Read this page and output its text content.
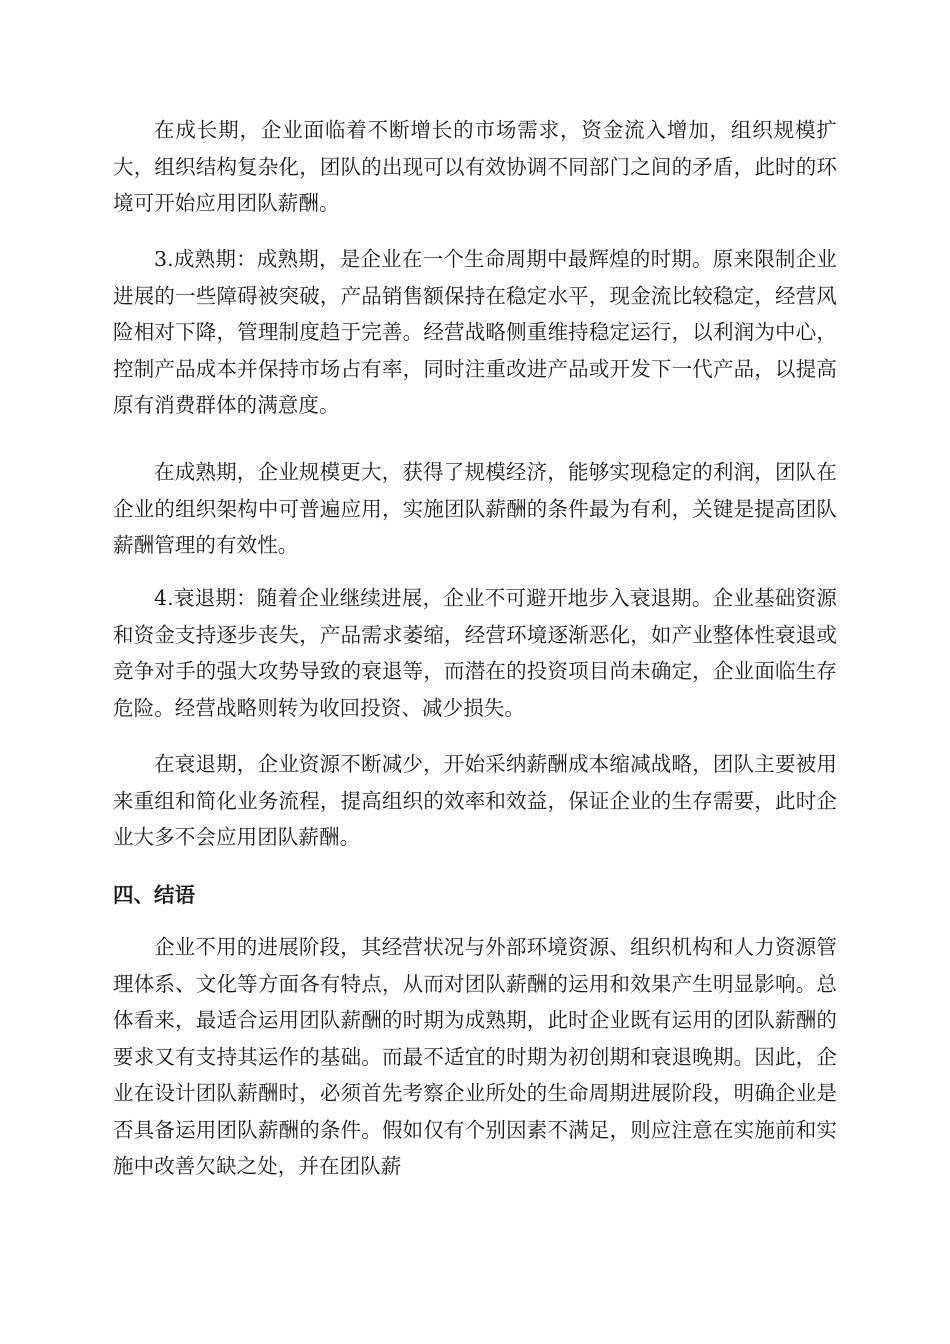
在成长期，企业面临着不断增长的市场需求，资金流入增加，组织规模扩大，组织结构复杂化，团队的出现可以有效协调不同部门之间的矛盾，此时的环境可开始应用团队薪酬。

3.成熟期：成熟期，是企业在一个生命周期中最辉煌的时期。原来限制企业进展的一些障碍被突破，产品销售额保持在稳定水平，现金流比较稳定，经营风险相对下降，管理制度趋于完善。经营战略侧重维持稳定运行，以利润为中心，控制产品成本并保持市场占有率，同时注重改进产品或开发下一代产品，以提高原有消费群体的满意度。

在成熟期，企业规模更大，获得了规模经济，能够实现稳定的利润，团队在企业的组织架构中可普遍应用，实施团队薪酬的条件最为有利，关键是提高团队薪酬管理的有效性。

4.衰退期：随着企业继续进展，企业不可避开地步入衰退期。企业基础资源和资金支持逐步丧失，产品需求萎缩，经营环境逐渐恶化，如产业整体性衰退或竞争对手的强大攻势导致的衰退等，而潜在的投资项目尚未确定，企业面临生存危险。经营战略则转为收回投资、减少损失。

在衰退期，企业资源不断减少，开始采纳薪酬成本缩减战略，团队主要被用来重组和简化业务流程，提高组织的效率和效益，保证企业的生存需要，此时企业大多不会应用团队薪酬。

四、结语

企业不用的进展阶段，其经营状况与外部环境资源、组织机构和人力资源管理体系、文化等方面各有特点，从而对团队薪酬的运用和效果产生明显影响。总体看来，最适合运用团队薪酬的时期为成熟期，此时企业既有运用的团队薪酬的要求又有支持其运作的基础。而最不适宜的时期为初创期和衰退晚期。因此，企业在设计团队薪酬时，必须首先考察企业所处的生命周期进展阶段，明确企业是否具备运用团队薪酬的条件。假如仅有个别因素不满足，则应注意在实施前和实施中改善欠缺之处，并在团队薪
